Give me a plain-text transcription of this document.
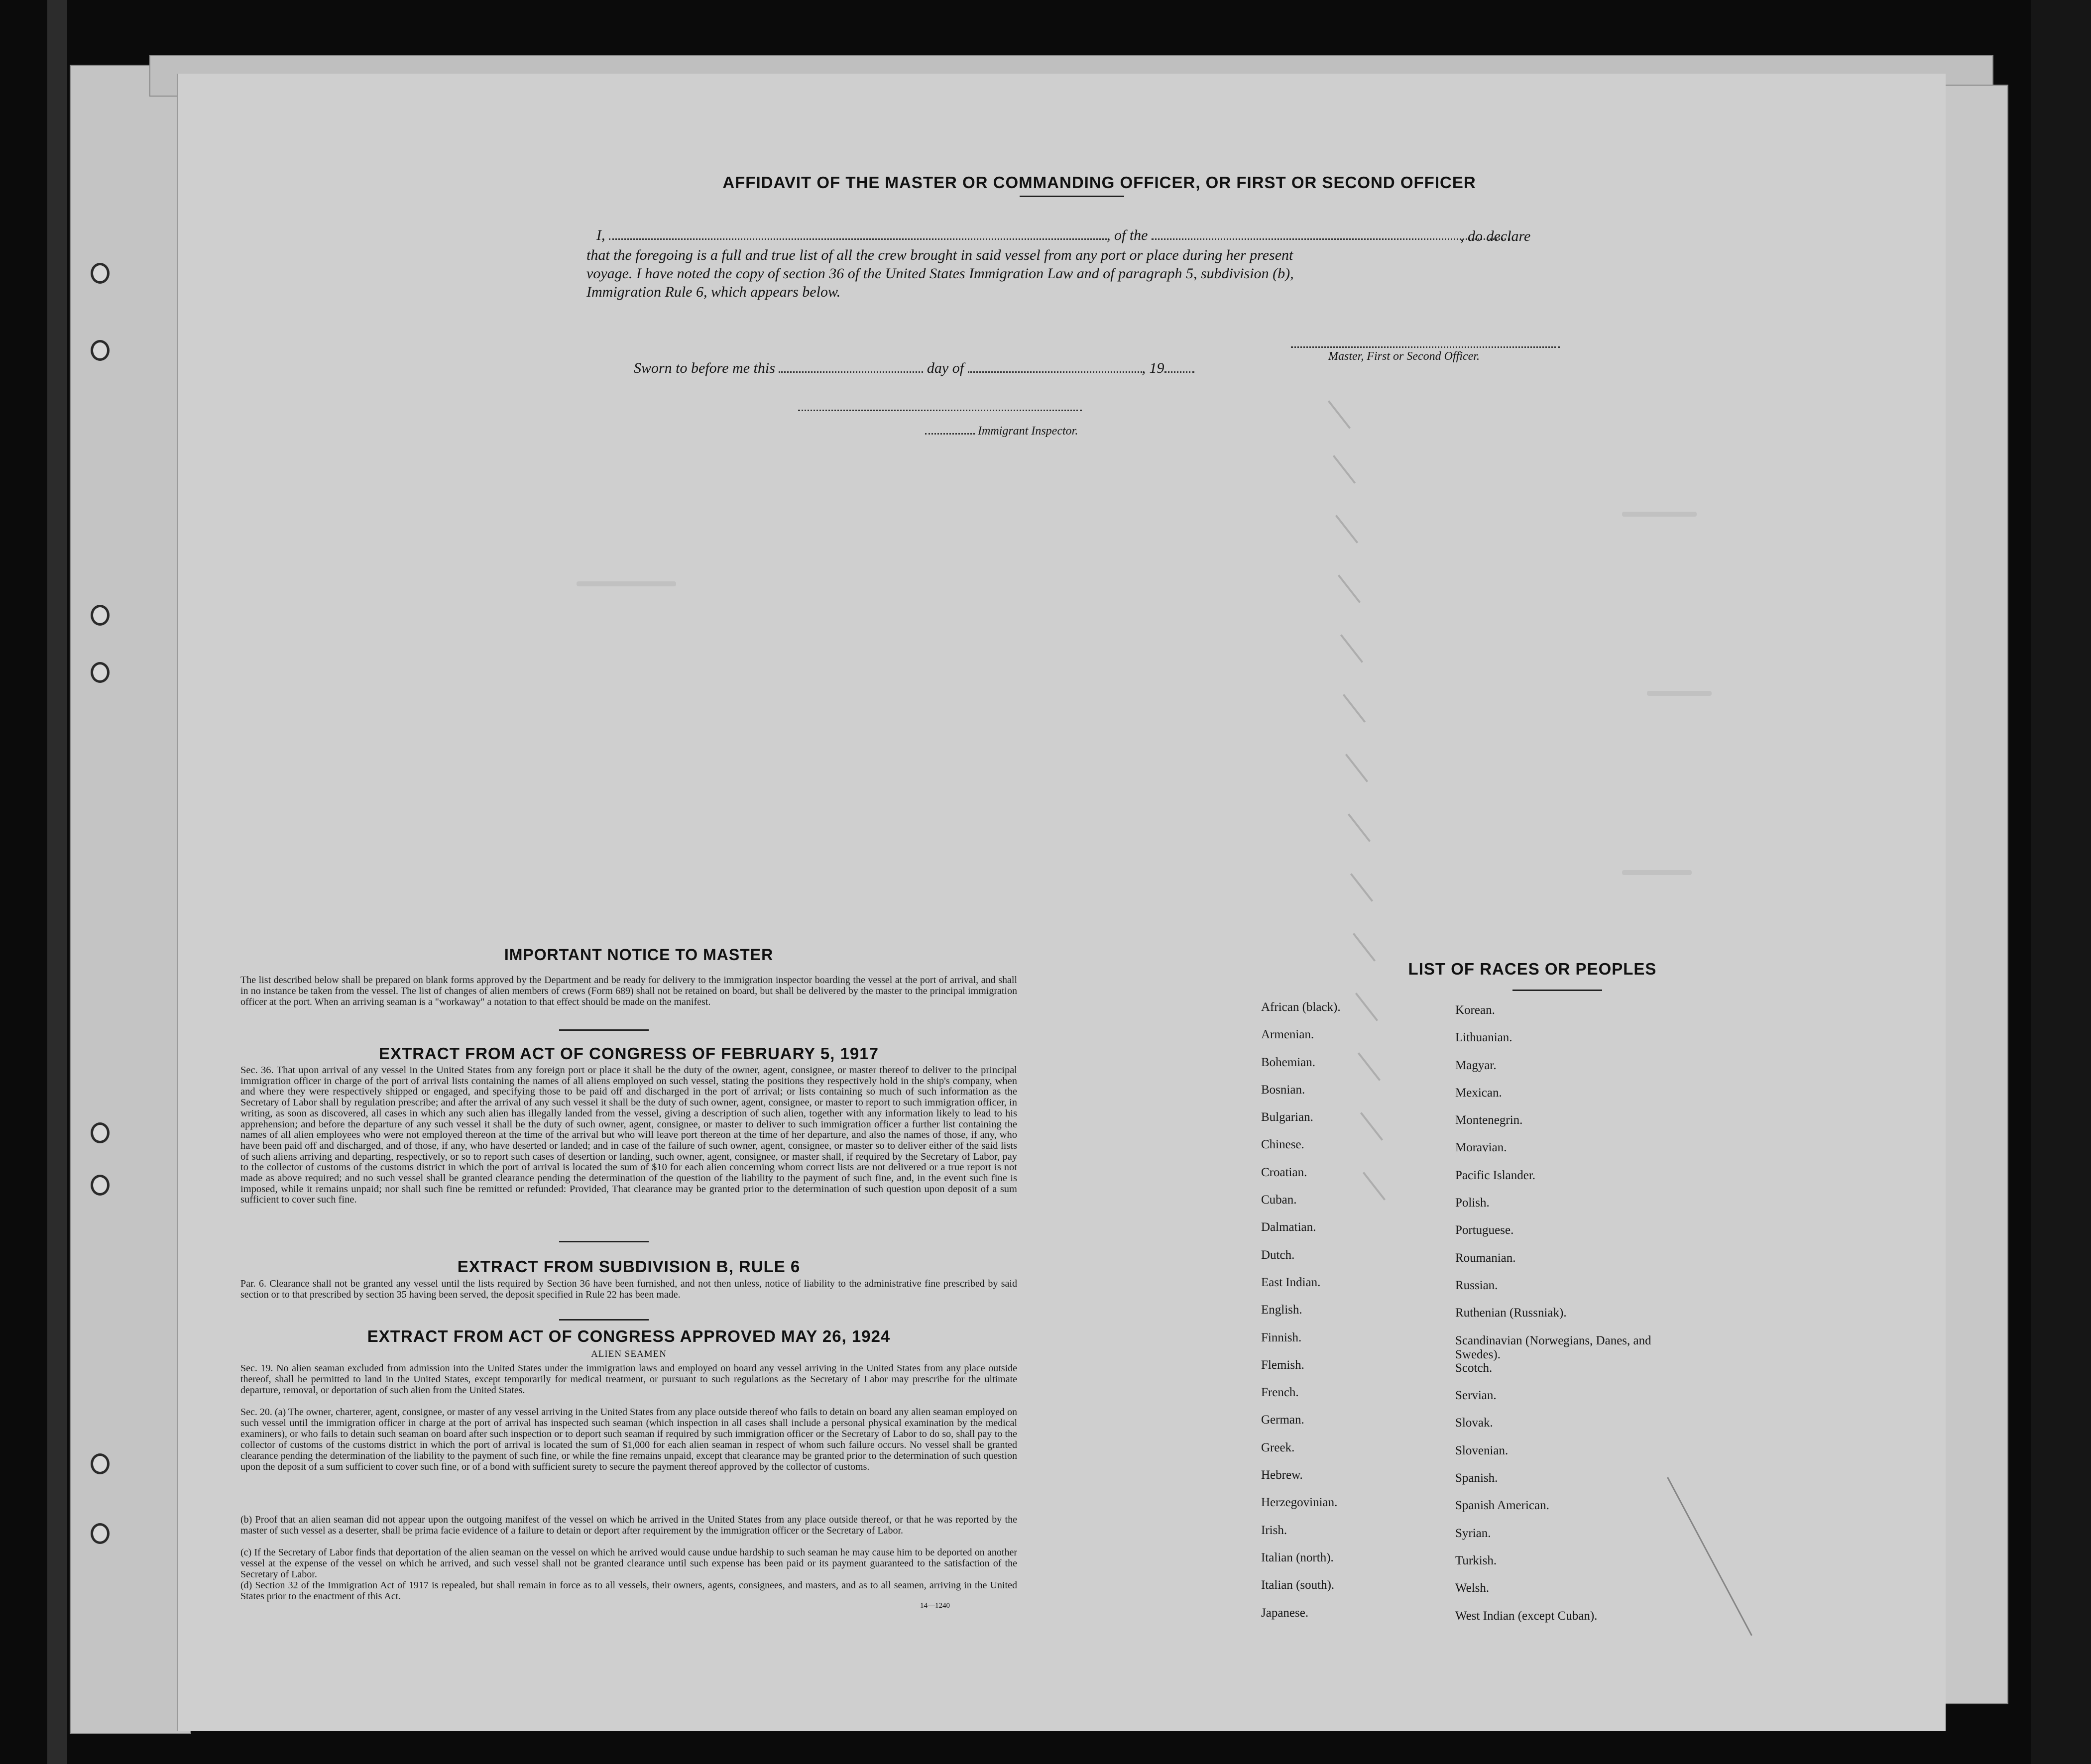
AFFIDAVIT OF THE MASTER OR COMMANDING OFFICER, OR FIRST OR SECOND OFFICER
I,	, of the
that the foregoing is a full and true list of all the crew brought in said vessel from any port or place during her present
, do declare
voyage. I have noted the copy of section 36 of the United States Immigration Law and of paragraph 5, subdivision (b),
Immigration Rule 6, which appears below.
Master, First or Second Officer.
Sworn to before me this	day of	, 19
Immigrant Inspector.
IMPORTANT NOTICE TO MASTER
The list described below shall be prepared on blank forms approved by the Department and be ready for delivery to the immigration inspector boarding the vessel at the port of arrival, and shall in no instance be taken from the vessel. The list of changes of alien members of crews (Form 689) shall not be retained on board, but shall be delivered by the master to the principal immigration officer at the port. When an arriving seaman is a "workaway" a notation to that effect should be made on the manifest.
EXTRACT FROM ACT OF CONGRESS OF FEBRUARY 5, 1917
Sec. 36. That upon arrival of any vessel in the United States from any foreign port or place it shall be the duty of the owner, agent, consignee, or master thereof to deliver to the principal immigration officer in charge of the port of arrival lists containing the names of all aliens employed on such vessel, stating the positions they respectively hold in the ship's company, when and where they were respectively shipped or engaged, and specifying those to be paid off and discharged in the port of arrival; or lists containing so much of such information as the Secretary of Labor shall by regulation prescribe; and after the arrival of any such vessel it shall be the duty of such owner, agent, consignee, or master to report to such immigration officer, in writing, as soon as discovered, all cases in which any such alien has illegally landed from the vessel, giving a description of such alien, together with any information likely to lead to his apprehension; and before the departure of any such vessel it shall be the duty of such owner, agent, consignee, or master to deliver to such immigration officer a further list containing the names of all alien employees who were not employed thereon at the time of the arrival but who will leave port thereon at the time of her departure, and also the names of those, if any, who have been paid off and discharged, and of those, if any, who have deserted or landed; and in case of the failure of such owner, agent, consignee, or master so to deliver either of the said lists of such aliens arriving and departing, respectively, or so to report such cases of desertion or landing, such owner, agent, consignee, or master shall, if required by the Secretary of Labor, pay to the collector of customs of the customs district in which the port of arrival is located the sum of $10 for each alien concerning whom correct lists are not delivered or a true report is not made as above required; and no such vessel shall be granted clearance pending the determination of the question of the liability to the payment of such fine, and, in the event such fine is imposed, while it remains unpaid; nor shall such fine be remitted or refunded: Provided, That clearance may be granted prior to the determination of such question upon deposit of a sum sufficient to cover such fine.
EXTRACT FROM SUBDIVISION B, RULE 6
Par. 6. Clearance shall not be granted any vessel until the lists required by Section 36 have been furnished, and not then unless, notice of liability to the administrative fine prescribed by said section or to that prescribed by section 35 having been served, the deposit specified in Rule 22 has been made.
EXTRACT FROM ACT OF CONGRESS APPROVED MAY 26, 1924
ALIEN SEAMEN
Sec. 19. No alien seaman excluded from admission into the United States under the immigration laws and employed on board any vessel arriving in the United States from any place outside thereof, shall be permitted to land in the United States, except temporarily for medical treatment, or pursuant to such regulations as the Secretary of Labor may prescribe for the ultimate departure, removal, or deportation of such alien from the United States.
Sec. 20. (a) The owner, charterer, agent, consignee, or master of any vessel arriving in the United States from any place outside thereof who fails to detain on board any alien seaman employed on such vessel until the immigration officer in charge at the port of arrival has inspected such seaman (which inspection in all cases shall include a personal physical examination by the medical examiners), or who fails to detain such seaman on board after such inspection or to deport such seaman if required by such immigration officer or the Secretary of Labor to do so, shall pay to the collector of customs of the customs district in which the port of arrival is located the sum of $1,000 for each alien seaman in respect of whom such failure occurs. No vessel shall be granted clearance pending the determination of the liability to the payment of such fine, or while the fine remains unpaid, except that clearance may be granted prior to the determination of such question upon the deposit of a sum sufficient to cover such fine, or of a bond with sufficient surety to secure the payment thereof approved by the collector of customs.
(b) Proof that an alien seaman did not appear upon the outgoing manifest of the vessel on which he arrived in the United States from any place outside thereof, or that he was reported by the master of such vessel as a deserter, shall be prima facie evidence of a failure to detain or deport after requirement by the immigration officer or the Secretary of Labor.
(c) If the Secretary of Labor finds that deportation of the alien seaman on the vessel on which he arrived would cause undue hardship to such seaman he may cause him to be deported on another vessel at the expense of the vessel on which he arrived, and such vessel shall not be granted clearance until such expense has been paid or its payment guaranteed to the satisfaction of the Secretary of Labor.
(d) Section 32 of the Immigration Act of 1917 is repealed, but shall remain in force as to all vessels, their owners, agents, consignees, and masters, and as to all seamen, arriving in the United States prior to the enactment of this Act.
14—1240
LIST OF RACES OR PEOPLES
African (black).
Armenian.
Bohemian.
Bosnian.
Bulgarian.
Chinese.
Croatian.
Cuban.
Dalmatian.
Dutch.
East Indian.
English.
Finnish.
Flemish.
French.
German.
Greek.
Hebrew.
Herzegovinian.
Irish.
Italian (north).
Italian (south).
Japanese.
Korean.
Lithuanian.
Magyar.
Mexican.
Montenegrin.
Moravian.
Pacific Islander.
Polish.
Portuguese.
Roumanian.
Russian.
Ruthenian (Russniak).
Scandinavian (Norwegians, Danes, and Swedes).
Scotch.
Servian.
Slovak.
Slovenian.
Spanish.
Spanish American.
Syrian.
Turkish.
Welsh.
West Indian (except Cuban).
